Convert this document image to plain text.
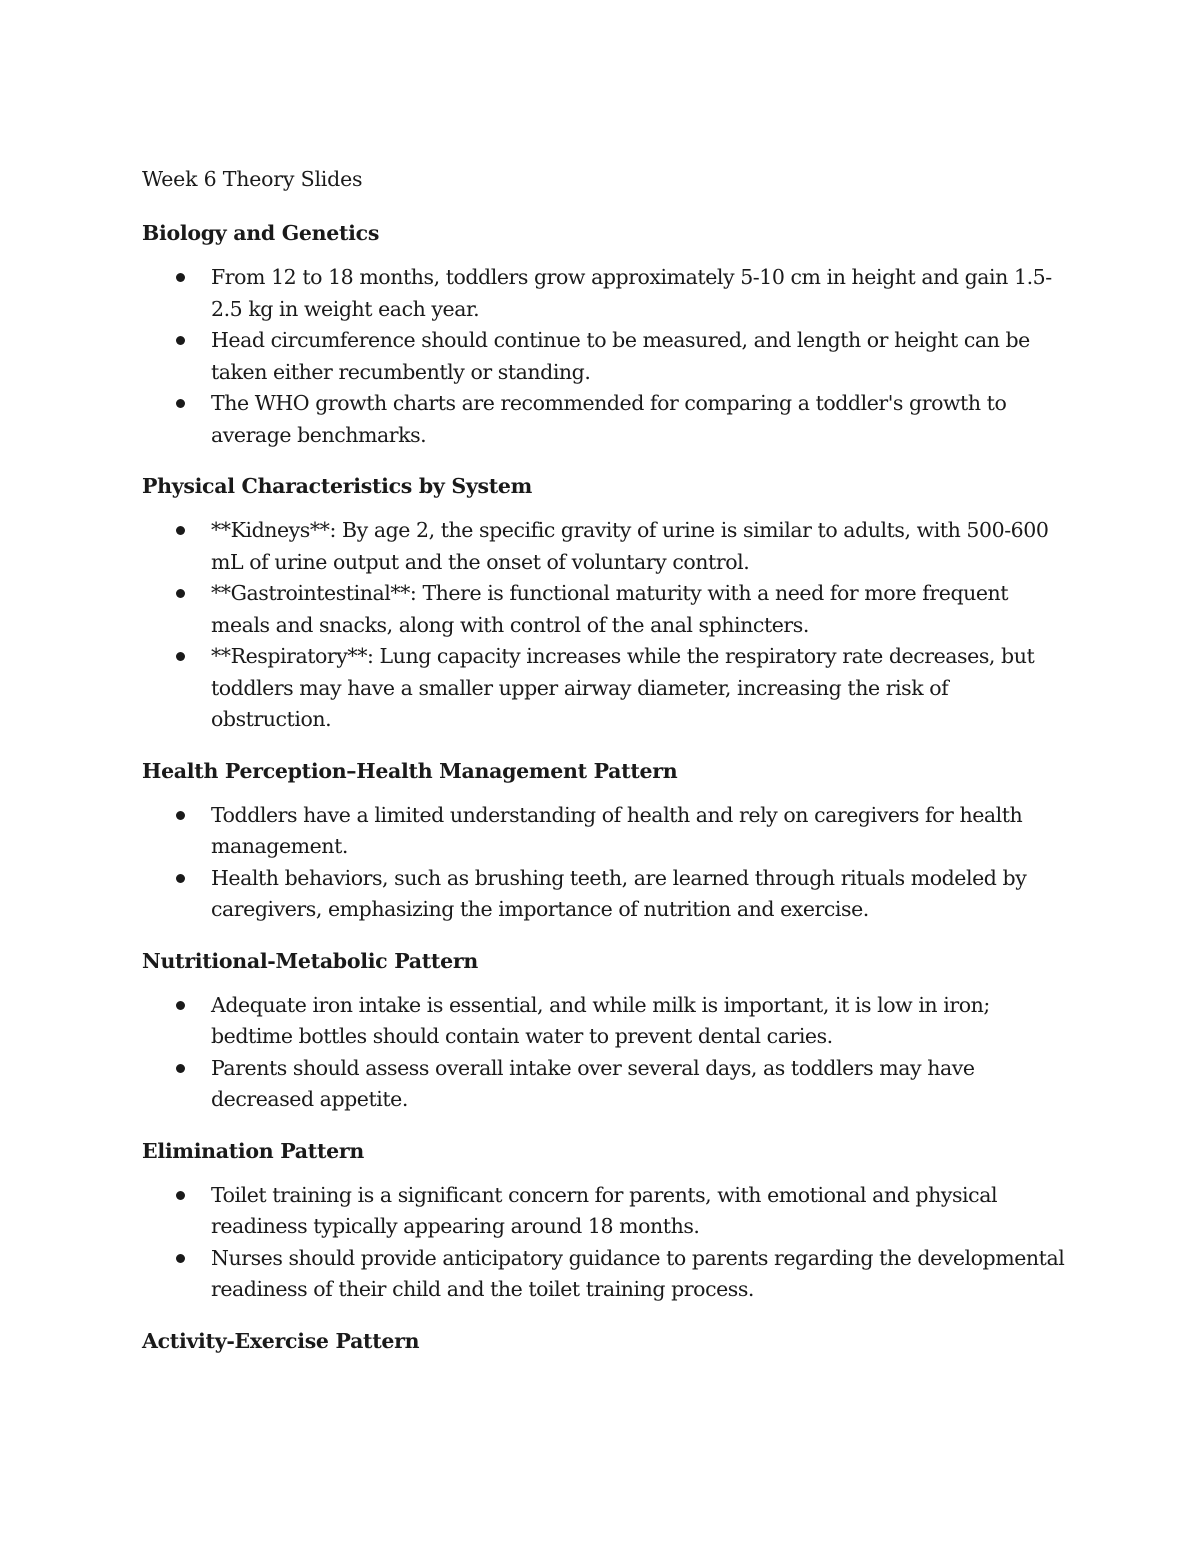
Week 6 Theory Slides
Biology and Genetics
From 12 to 18 months, toddlers grow approximately 5-10 cm in height and gain 1.5-2.5 kg in weight each year.
Head circumference should continue to be measured, and length or height can be taken either recumbently or standing.
The WHO growth charts are recommended for comparing a toddler's growth to average benchmarks.
Physical Characteristics by System
**Kidneys**: By age 2, the specific gravity of urine is similar to adults, with 500-600 mL of urine output and the onset of voluntary control.
**Gastrointestinal**: There is functional maturity with a need for more frequent meals and snacks, along with control of the anal sphincters.
**Respiratory**: Lung capacity increases while the respiratory rate decreases, but toddlers may have a smaller upper airway diameter, increasing the risk of obstruction.
Health Perception–Health Management Pattern
Toddlers have a limited understanding of health and rely on caregivers for health management.
Health behaviors, such as brushing teeth, are learned through rituals modeled by caregivers, emphasizing the importance of nutrition and exercise.
Nutritional-Metabolic Pattern
Adequate iron intake is essential, and while milk is important, it is low in iron; bedtime bottles should contain water to prevent dental caries.
Parents should assess overall intake over several days, as toddlers may have decreased appetite.
Elimination Pattern
Toilet training is a significant concern for parents, with emotional and physical readiness typically appearing around 18 months.
Nurses should provide anticipatory guidance to parents regarding the developmental readiness of their child and the toilet training process.
Activity-Exercise Pattern
